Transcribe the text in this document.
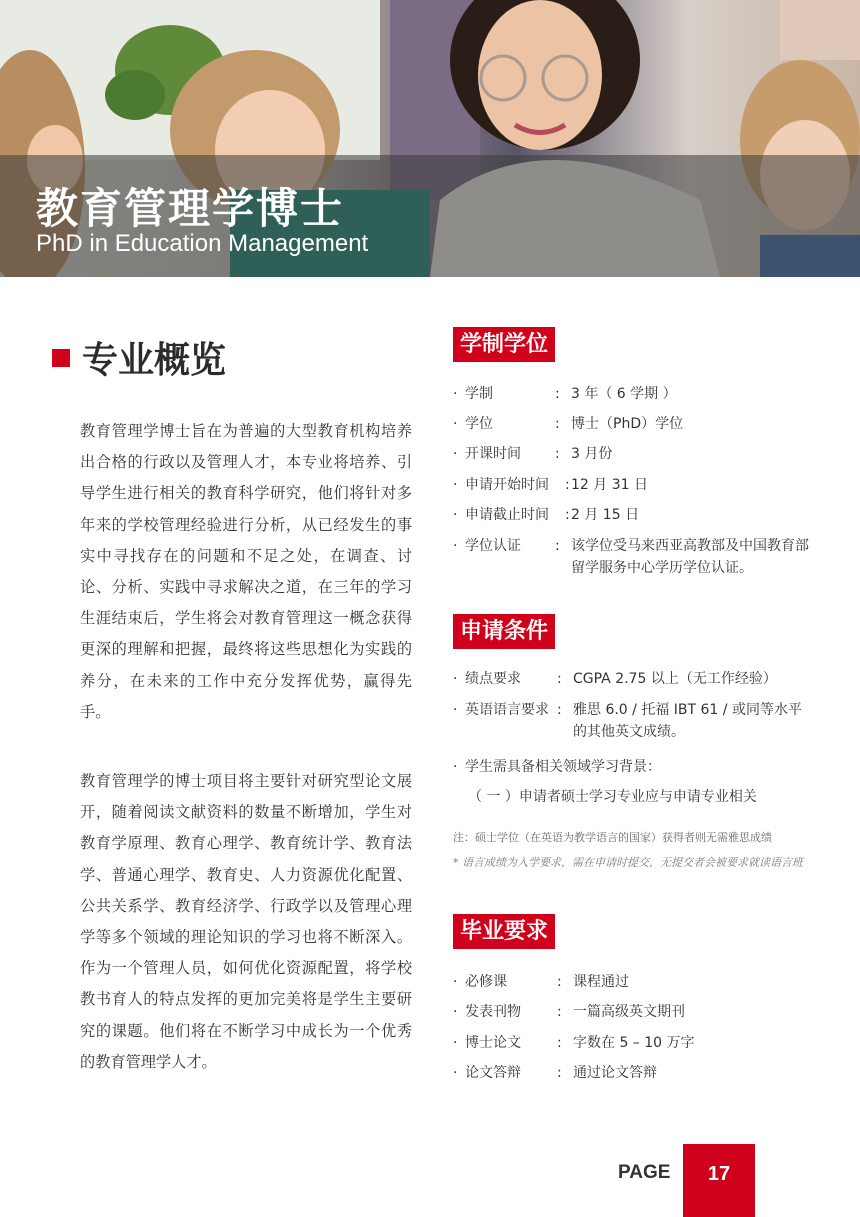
教育管理学博士
PhD in Education Management
专业概览

教育管理学博士旨在为普遍的大型教育机构培养出合格的行政以及管理人才，本专业将培养、引导学生进行相关的教育科学研究，他们将针对多年来的学校管理经验进行分析，从已经发生的事实中寻找存在的问题和不足之处，在调查、讨论、分析、实践中寻求解决之道，在三年的学习生涯结束后，学生将会对教育管理这一概念获得更深的理解和把握，最终将这些思想化为实践的养分，在未来的工作中充分发挥优势，赢得先手。

教育管理学的博士项目将主要针对研究型论文展开，随着阅读文献资料的数量不断增加，学生对教育学原理、教育心理学、教育统计学、教育法学、普通心理学、教育史、人力资源优化配置、公共关系学、教育经济学、行政学以及管理心理学等多个领域的理论知识的学习也将不断深入。作为一个管理人员，如何优化资源配置，将学校教书育人的特点发挥的更加完美将是学生主要研究的课题。他们将在不断学习中成长为一个优秀的教育管理学人才。

学制学位
· 学制	: 3 年（ 6 学期 ）
· 学位	: 博士（PhD）学位
· 开课时间	: 3 月份
· 申请开始时间	: 12 月 31 日
· 申请截止时间	: 2 月 15 日
· 学位认证	: 该学位受马来西亚高教部及中国教育部留学服务中心学历学位认证。
申请条件
· 绩点要求	: CGPA 2.75 以上（无工作经验）
· 英语语言要求 : 雅思 6.0 / 托福 IBT 61 / 或同等水平的其他英文成绩。
· 学生需具备相关领域学习背景：
（ 一 ）申请者硕士学习专业应与申请专业相关
注：硕士学位（在英语为教学语言的国家）获得者则无需雅思成绩
* 语言成绩为入学要求，需在申请时提交，无提交者会被要求就读语言班
毕业要求
· 必修课	: 课程通过
· 发表刊物	: 一篇高级英文期刊
· 博士论文	: 字数在 5 – 10 万字
· 论文答辩	: 通过论文答辩
PAGE	17
